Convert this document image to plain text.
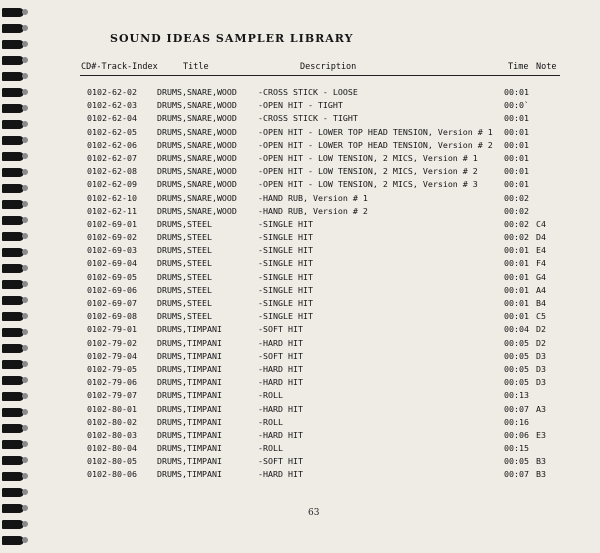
SOUND IDEAS SAMPLER LIBRARY
CD#-Track-Index	Title	Description	Time Note
0102-62-02 DRUMS,SNARE,WOOD	-CROSS STICK - LOOSE	00:01
0102-62-03 DRUMS,SNARE,WOOD	-OPEN HIT - TIGHT	00:0`
0102-62-04 DRUMS,SNARE,WOOD	-CROSS STICK - TIGHT	00:01
0102-62-05 DRUMS,SNARE,WOOD	-OPEN HIT - LOWER TOP HEAD TENSION, Version # 1 00:01
0102-62-06 DRUMS,SNARE,WOOD	-OPEN HIT - LOWER TOP HEAD TENSION, Version # 2 00:01
0102-62-07 DRUMS,SNARE,WOOD	-OPEN HIT - LOW TENSION, 2 MICS, Version # 1	00:01
0102-62-08 DRUMS,SNARE,WOOD	-OPEN HIT - LOW TENSION, 2 MICS, Version # 2	00:01
0102-62-09 DRUMS,SNARE,WOOD	-OPEN HIT - LOW TENSION, 2 MICS, Version # 3	00:01
0102-62-10 DRUMS,SNARE,WOOD	-HAND RUB, Version # 1	00:02
0102-62-11 DRUMS,SNARE,WOOD	-HAND RUB, Version # 2	00:02
0102-69-01 DRUMS,STEEL	-SINGLE HIT	00:02 C4
0102-69-02 DRUMS,STEEL	-SINGLE HIT	00:02 D4
0102-69-03 DRUMS,STEEL	-SINGLE HIT	00:01 E4
0102-69-04 DRUMS,STEEL	-SINGLE HIT	00:01 F4
0102-69-05 DRUMS,STEEL	-SINGLE HIT	00:01 G4
0102-69-06 DRUMS,STEEL	-SINGLE HIT	00:01 A4
0102-69-07 DRUMS,STEEL	-SINGLE HIT	00:01 B4
0102-69-08 DRUMS,STEEL	-SINGLE HIT	00:01 C5
0102-79-01 DRUMS,TIMPANI	-SOFT HIT	00:04 D2
0102-79-02 DRUMS,TIMPANI	-HARD HIT	00:05 D2
0102-79-04 DRUMS,TIMPANI	-SOFT HIT	00:05 D3
0102-79-05 DRUMS,TIMPANI	-HARD HIT	00:05 D3
0102-79-06 DRUMS,TIMPANI	-HARD HIT	00:05 D3
0102-79-07 DRUMS,TIMPANI	-ROLL	00:13
0102-80-01 DRUMS,TIMPANI	-HARD HIT	00:07 A3
0102-80-02 DRUMS,TIMPANI	-ROLL	00:16
0102-80-03 DRUMS,TIMPANI	-HARD HIT	00:06 E3
0102-80-04 DRUMS,TIMPANI	-ROLL	00:15
0102-80-05 DRUMS,TIMPANI	-SOFT HIT	00:05 B3
0102-80-06 DRUMS,TIMPANI	-HARD HIT	00:07 B3
63
